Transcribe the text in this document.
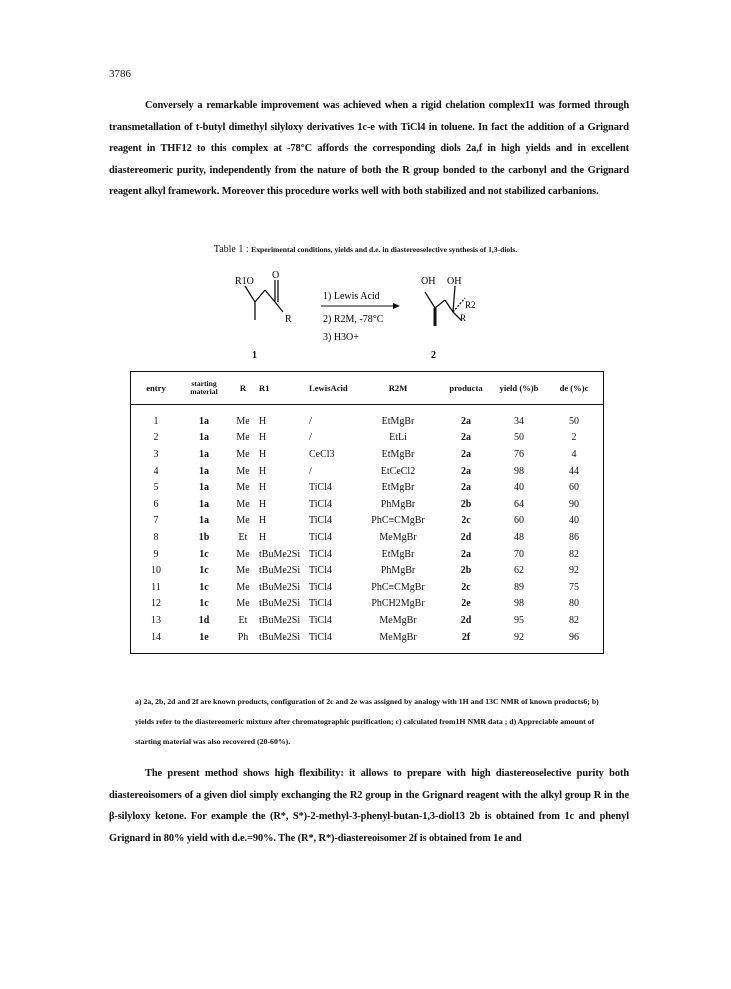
3786
Conversely a remarkable improvement was achieved when a rigid chelation complex11 was formed through transmetallation of t-butyl dimethyl silyloxy derivatives 1c-e with TiCl4 in toluene. In fact the addition of a Grignard reagent in THF12 to this complex at -78°C affords the corresponding diols 2a,f in high yields and in excellent diastereomeric purity, independently from the nature of both the R group bonded to the carbonyl and the Grignard reagent alkyl framework. Moreover this procedure works well with both stabilized and not stabilized carbanions.
Table 1 : Experimental conditions, yields and d.e. in diastereoselective synthesis of 1,3-diols.
R1O
O
R
1
1) Lewis Acid
2) R2M, -78°C
3) H3O+
OH OH
R2
R
2
entry	starting material	R	R1	LewisAcid	R2M	producta	yield (%)b	de (%)c
1	1a	Me	H	/	EtMgBr	2a	34	50
2	1a	Me	H	/	EtLi	2a	50	2
3	1a	Me	H	CeCl3	EtMgBr	2a	76	4
4	1a	Me	H	/	EtCeCl2	2a	98	44
5	1a	Me	H	TiCl4	EtMgBr	2a	40	60
6	1a	Me	H	TiCl4	PhMgBr	2b	64	90
7	1a	Me	H	TiCl4	PhC≡CMgBr	2c	60	40
8	1b	Et	H	TiCl4	MeMgBr	2d	48	86
9	1c	Me	tBuMe2Si	TiCl4	EtMgBr	2a	70	82
10	1c	Me	tBuMe2Si	TiCl4	PhMgBr	2b	62	92
11	1c	Me	tBuMe2Si	TiCl4	PhC≡CMgBr	2c	89	75
12	1c	Me	tBuMe2Si	TiCl4	PhCH2MgBr	2e	98	80
13	1d	Et	tBuMe2Si	TiCl4	MeMgBr	2d	95	82
14	1e	Ph	tBuMe2Si	TiCl4	MeMgBr	2f	92	96
a) 2a, 2b, 2d and 2f are known products, configuration of 2c and 2e was assigned by analogy with 1H and 13C NMR of known products6; b) yields refer to the diastereomeric mixture after chromatographic purification; c) calculated from1H NMR data ; d) Appreciable amount of starting material was also recovered (20-60%).
The present method shows high flexibility: it allows to prepare with high diastereoselective purity both diastereoisomers of a given diol simply exchanging the R2 group in the Grignard reagent with the alkyl group R in the β-silyloxy ketone. For example the (R*, S*)-2-methyl-3-phenyl-butan-1,3-diol13 2b is obtained from 1c and phenyl Grignard in 80% yield with d.e.=90%. The (R*, R*)-diastereoisomer 2f is obtained from 1e and
